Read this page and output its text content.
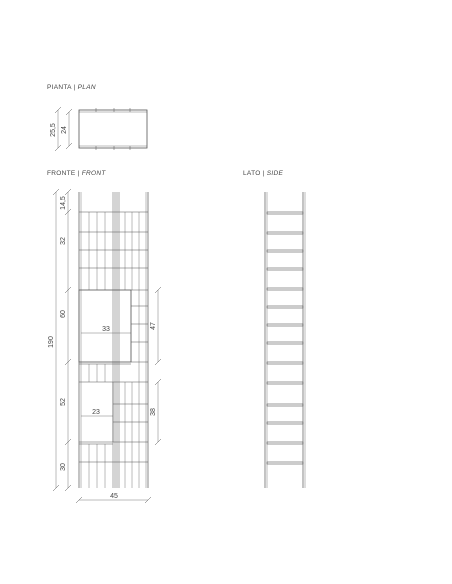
PIANTA | PLAN
FRONTE | FRONT	LATO | SIDE
25,5 24
190
14,5
32
60
52
30
45
33
23
47
38
